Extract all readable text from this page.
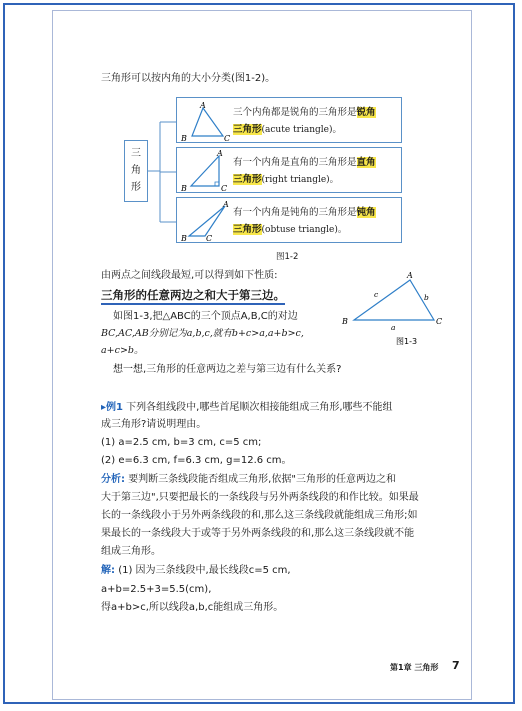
三角形可以按内角的大小分类(图1-2)。
三
角
形
A
B	C
三个内角都是锐角的三角形是锐角
三角形(acute triangle)。
A
B	C
有一个内角是直角的三角形是直角
三角形(right triangle)。
A
B C
有一个内角是钝角的三角形是钝角
三角形(obtuse triangle)。
图1-2
由两点之间线段最短,可以得到如下性质:
三角形的任意两边之和大于第三边。
A
B	C
a
b
c
图1-3
如图1-3,把△ABC的三个顶点A,B,C的对边
BC,AC,AB分别记为a,b,c,就有b+c>a,a+b>c,
a+c>b。
想一想,三角形的任意两边之差与第三边有什么关系?
▸例1 下列各组线段中,哪些首尾顺次相接能组成三角形,哪些不能组
成三角形?请说明理由。
(1) a=2.5 cm, b=3 cm, c=5 cm;
(2) e=6.3 cm, f=6.3 cm, g=12.6 cm。
分析: 要判断三条线段能否组成三角形,依据"三角形的任意两边之和
大于第三边",只要把最长的一条线段与另外两条线段的和作比较。如果最
长的一条线段小于另外两条线段的和,那么这三条线段就能组成三角形;如
果最长的一条线段大于或等于另外两条线段的和,那么这三条线段就不能
组成三角形。
解: (1) 因为三条线段中,最长线段c=5 cm,
a+b=2.5+3=5.5(cm),
得a+b>c,所以线段a,b,c能组成三角形。
第1章 三角形 7
